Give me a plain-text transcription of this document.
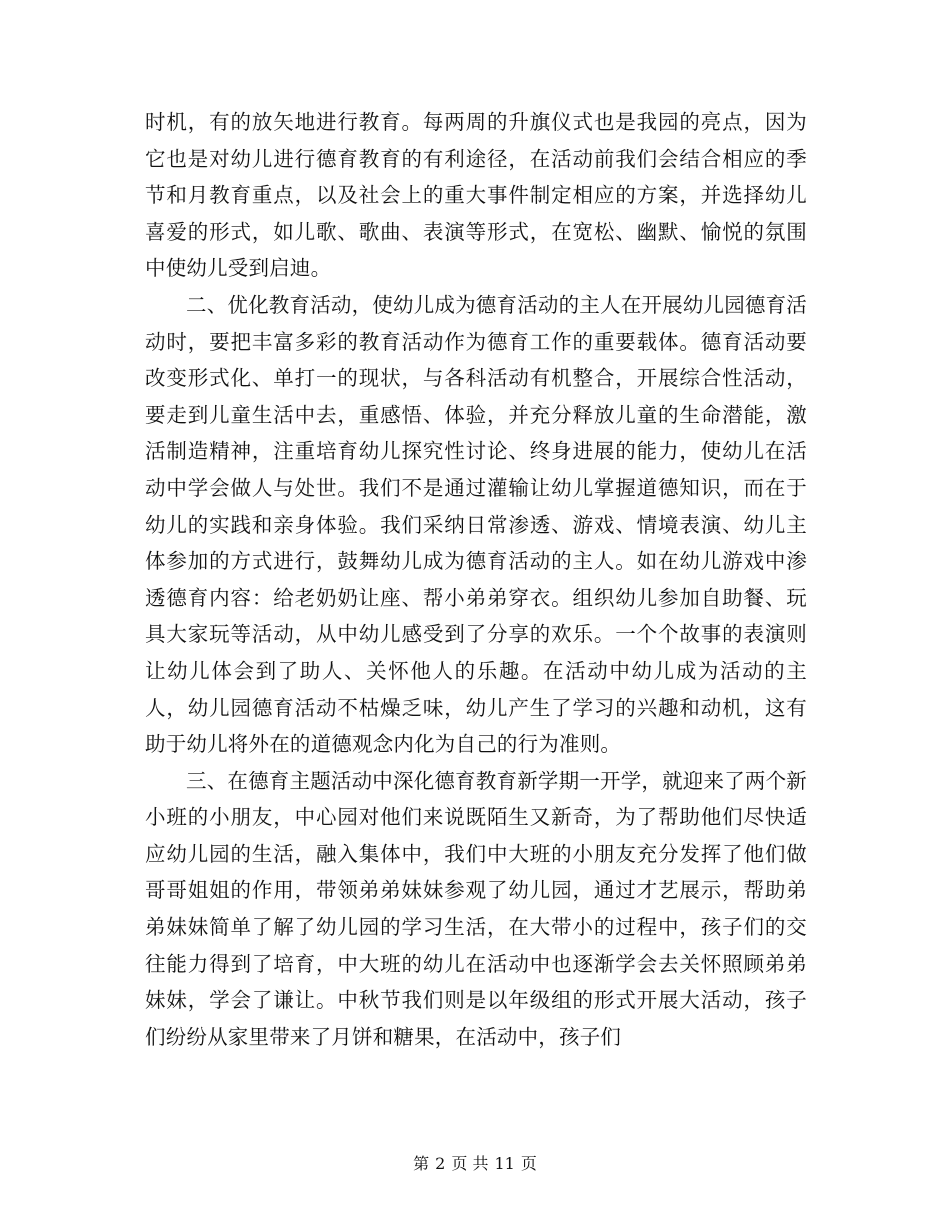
时机，有的放矢地进行教育。每两周的升旗仪式也是我园的亮点，因为它也是对幼儿进行德育教育的有利途径，在活动前我们会结合相应的季节和月教育重点，以及社会上的重大事件制定相应的方案，并选择幼儿喜爱的形式，如儿歌、歌曲、表演等形式，在宽松、幽默、愉悦的氛围中使幼儿受到启迪。

二、优化教育活动，使幼儿成为德育活动的主人在开展幼儿园德育活动时，要把丰富多彩的教育活动作为德育工作的重要载体。德育活动要改变形式化、单打一的现状，与各科活动有机整合，开展综合性活动，要走到儿童生活中去，重感悟、体验，并充分释放儿童的生命潜能，激活制造精神，注重培育幼儿探究性讨论、终身进展的能力，使幼儿在活动中学会做人与处世。我们不是通过灌输让幼儿掌握道德知识，而在于幼儿的实践和亲身体验。我们采纳日常渗透、游戏、情境表演、幼儿主体参加的方式进行，鼓舞幼儿成为德育活动的主人。如在幼儿游戏中渗透德育内容：给老奶奶让座、帮小弟弟穿衣。组织幼儿参加自助餐、玩具大家玩等活动，从中幼儿感受到了分享的欢乐。一个个故事的表演则让幼儿体会到了助人、关怀他人的乐趣。在活动中幼儿成为活动的主人，幼儿园德育活动不枯燥乏味，幼儿产生了学习的兴趣和动机，这有助于幼儿将外在的道德观念内化为自己的行为准则。

三、在德育主题活动中深化德育教育新学期一开学，就迎来了两个新小班的小朋友，中心园对他们来说既陌生又新奇，为了帮助他们尽快适应幼儿园的生活，融入集体中，我们中大班的小朋友充分发挥了他们做哥哥姐姐的作用，带领弟弟妹妹参观了幼儿园，通过才艺展示，帮助弟弟妹妹简单了解了幼儿园的学习生活，在大带小的过程中，孩子们的交往能力得到了培育，中大班的幼儿在活动中也逐渐学会去关怀照顾弟弟妹妹，学会了谦让。中秋节我们则是以年级组的形式开展大活动，孩子们纷纷从家里带来了月饼和糖果，在活动中，孩子们

第 2 页 共 11 页
